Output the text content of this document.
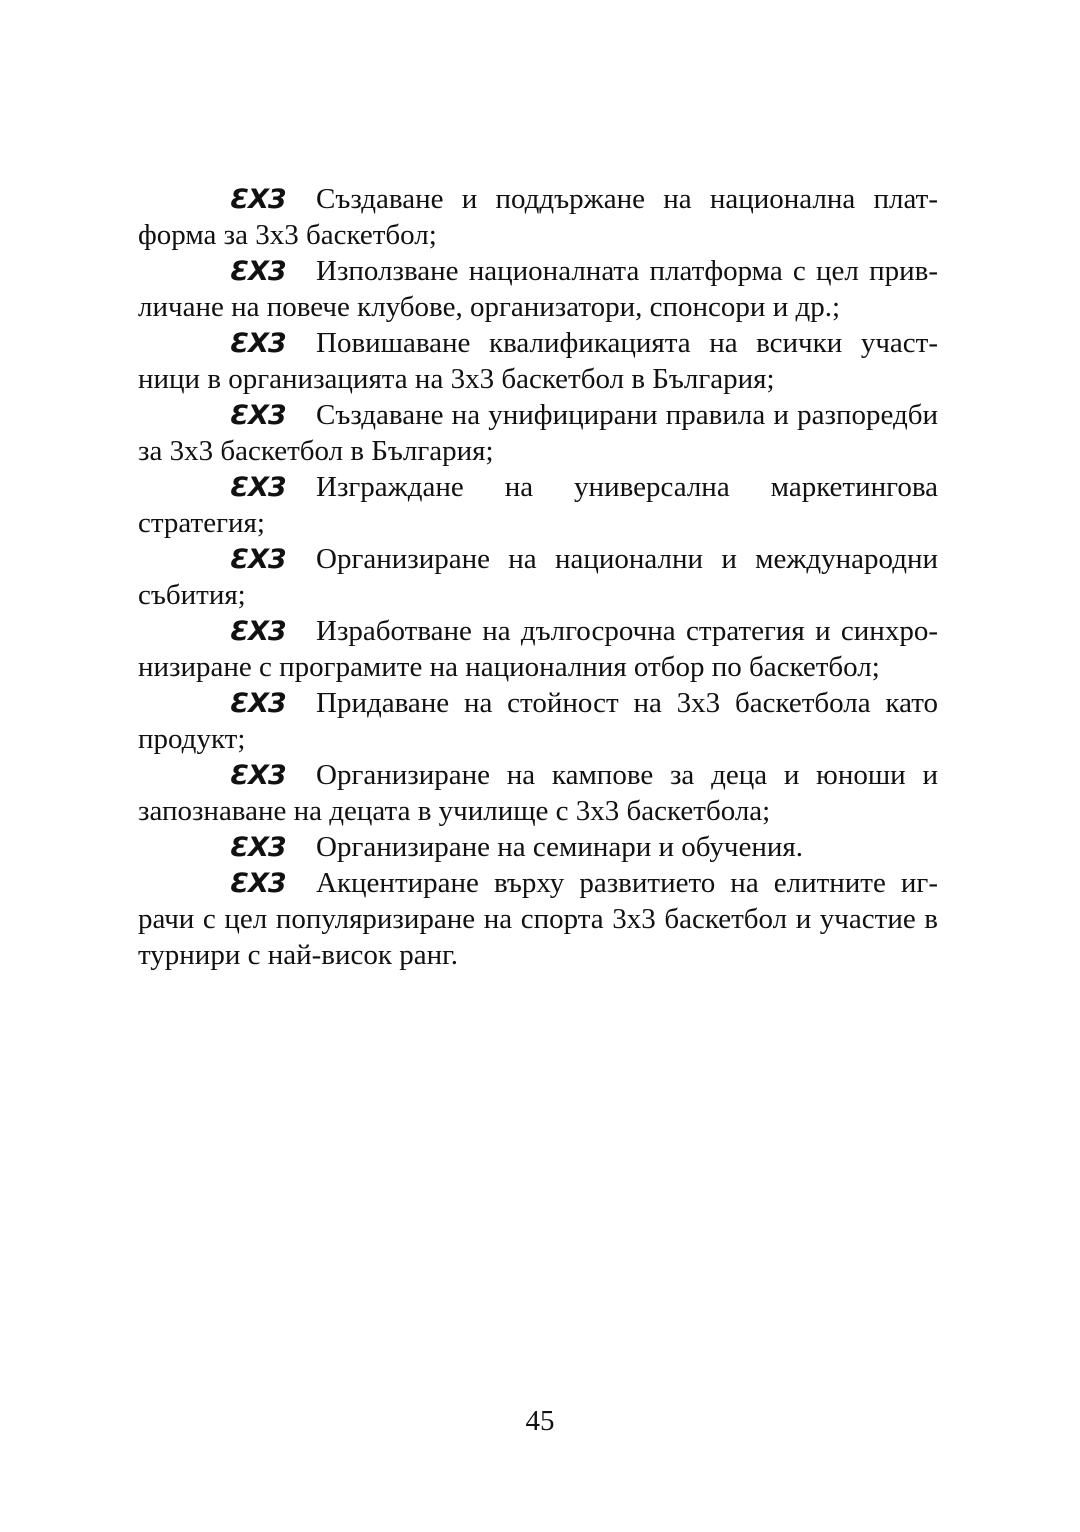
ƐX3 Създаване и поддържане на национална платформа за 3x3 баскетбол;

ƐX3 Използване националната платформа с цел привличане на повече клубове, организатори, спонсори и др.;

ƐX3 Повишаване квалификацията на всички участници в организацията на 3x3 баскетбол в България;

ƐX3 Създаване на унифицирани правила и разпоредби за 3x3 баскетбол в България;

ƐX3 Изграждане на универсална маркетингова стратегия;

ƐX3 Организиране на национални и международни събития;

ƐX3 Изработване на дългосрочна стратегия и синхронизиране с програмите на националния отбор по баскетбол;

ƐX3 Придаване на стойност на 3x3 баскетбола като продукт;

ƐX3 Организиране на кампове за деца и юноши и запознаване на децата в училище с 3x3 баскетбола;

ƐX3 Организиране на семинари и обучения.

ƐX3 Акцентиране върху развитието на елитните играчи с цел популяризиране на спорта 3x3 баскетбол и участие в турнири с най-висок ранг.

45
